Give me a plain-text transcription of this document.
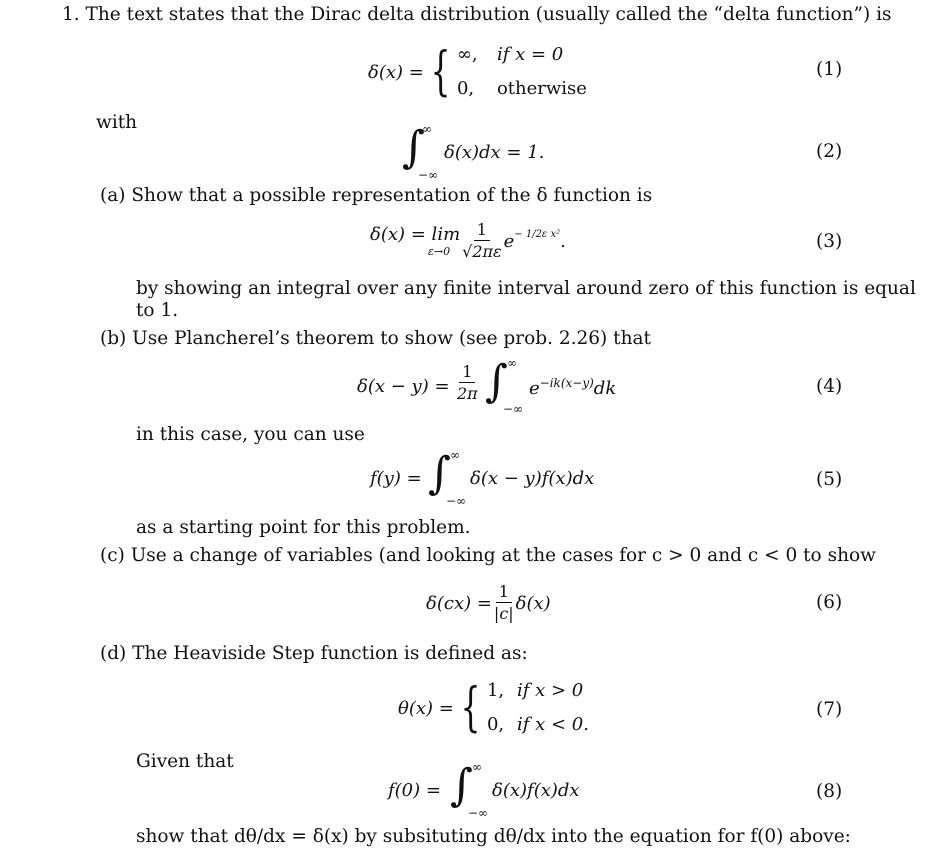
1. The text states that the Dirac delta distribution (usually called the “delta function”) is
δ(x) = { ∞, if x = 0
0, otherwise
(1)
with	∫
∞
−∞
δ(x)dx = 1.	(2)
(a) Show that a possible representation of the δ function is
δ(x) = lim
$\varepsilon\to 0 \frac{1}{√2\pi\varepsilon}$ e − 1/2ε x² .	(3)
by showing an integral over any finite interval around zero of this function is equal
to 1.
(b) Use Plancherel’s theorem to show (see prob. 2.26) that
$\delta(x - y) = \frac{1}{2\pi}$ ∫ ∞
−∞
$e^{-ik(x-y)}dk$	(4)
in this case, you can use
f(y) = ∫ ∞
−∞
δ(x − y)f(x)dx	(5)
as a starting point for this problem.
(c) Use a change of variables (and looking at the cases for c > 0 and c < 0 to show
$\delta(cx) = \frac{1}{|c|} \delta(x)$	(6)
(d) The Heaviside Step function is defined as:
θ(x) = { 1, if x > 0
0, if x < 0.
(7)
Given that
f(0) = ∫ ∞
−∞
δ(x)f(x)dx	(8)
show that dθ/dx = δ(x) by subsituting dθ/dx into the equation for f(0) above:
